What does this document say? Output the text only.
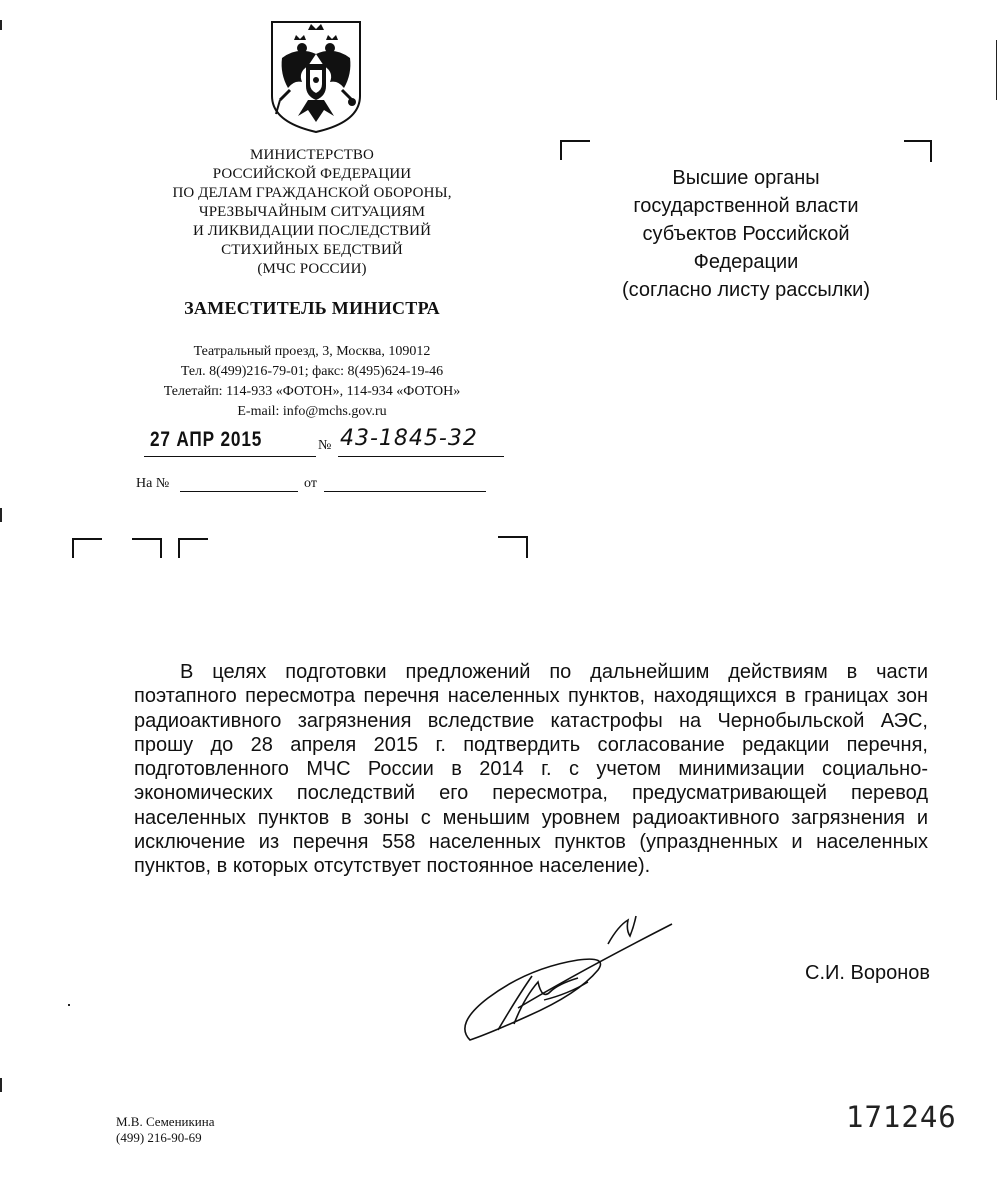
МИНИСТЕРСТВО
РОССИЙСКОЙ ФЕДЕРАЦИИ
ПО ДЕЛАМ ГРАЖДАНСКОЙ ОБОРОНЫ,
ЧРЕЗВЫЧАЙНЫМ СИТУАЦИЯМ
И ЛИКВИДАЦИИ ПОСЛЕДСТВИЙ
СТИХИЙНЫХ БЕДСТВИЙ
(МЧС РОССИИ)
ЗАМЕСТИТЕЛЬ МИНИСТРА
Театральный проезд, 3, Москва, 109012
Тел. 8(499)216-79-01; факс: 8(495)624-19-46
Телетайп: 114-933 «ФОТОН», 114-934 «ФОТОН»
E-mail: info@mchs.gov.ru
27 АПР 2015	№ 43-1845-32
На №	от
Высшие органы
государственной власти
субъектов Российской
Федерации
(согласно листу рассылки)
В целях подготовки предложений по дальнейшим действиям в части поэтапного пересмотра перечня населенных пунктов, находящихся в границах зон радиоактивного загрязнения вследствие катастрофы на Чернобыльской АЭС, прошу до 28 апреля 2015 г. подтвердить согласование редакции перечня, подготовленного МЧС России в 2014 г. с учетом минимизации социально-экономических последствий его пересмотра, предусматривающей перевод населенных пунктов в зоны с меньшим уровнем радиоактивного загрязнения и исключение из перечня 558 населенных пунктов (упраздненных и населенных пунктов, в которых отсутствует постоянное население).
С.И. Воронов
М.В. Семеникина
(499) 216-90-69
171246
